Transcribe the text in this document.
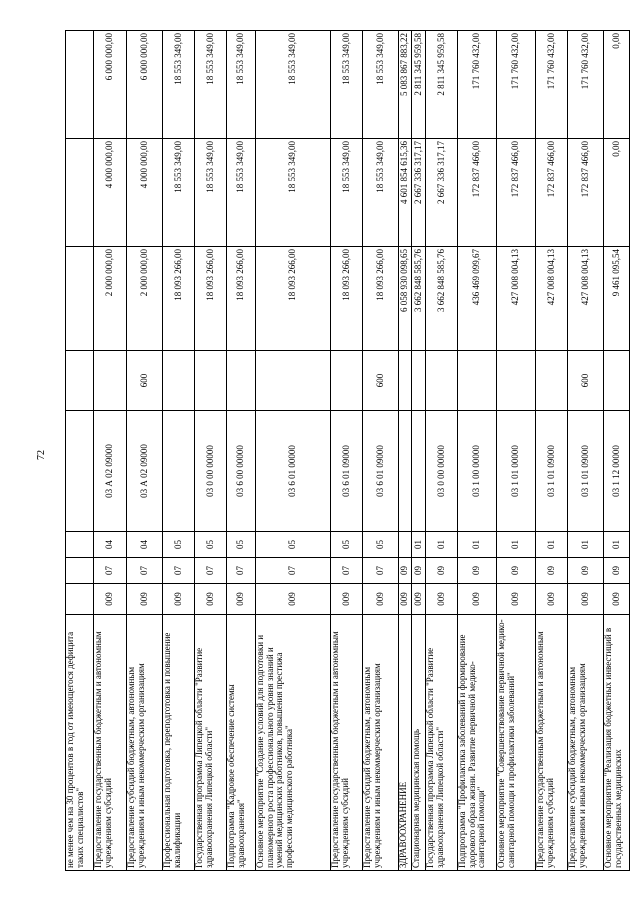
72
не менее чем на 30 процентов в год от имеющегося дефицита таких специалистов"								
Предоставление государственным бюджетным и автономным учреждениям субсидий	009	07	04	03 А 02 09000		2 000 000,00	4 000 000,00	6 000 000,00
Предоставление субсидий бюджетным, автономным учреждениям и иным некоммерческим организациям	009	07	04	03 А 02 09000	600	2 000 000,00	4 000 000,00	6 000 000,00
Профессиональная подготовка, переподготовка и повышение квалификации	009	07	05			18 093 266,00	18 553 349,00	18 553 349,00
Государственная программа Липецкой области "Развитие здравоохранения Липецкой области"	009	07	05	03 0 00 00000		18 093 266,00	18 553 349,00	18 553 349,00
Подпрограмма "Кадровое обеспечение системы здравоохранения"	009	07	05	03 6 00 00000		18 093 266,00	18 553 349,00	18 553 349,00
Основное мероприятие "Создание условий для подготовки и планомерного роста профессионального уровня знаний и умений медицинских работников, повышения престижа профессии медицинского работника"	009	07	05	03 6 01 00000		18 093 266,00	18 553 349,00	18 553 349,00
Предоставление государственным бюджетным и автономным учреждениям субсидий	009	07	05	03 6 01 09000		18 093 266,00	18 553 349,00	18 553 349,00
Предоставление субсидий бюджетным, автономным учреждениям и иным некоммерческим организациям	009	07	05	03 6 01 09000	600	18 093 266,00	18 553 349,00	18 553 349,00
ЗДРАВООХРАНЕНИЕ	009	09				6 058 930 098,65	4 601 854 615,36	5 083 867 883,22
Стационарная медицинская помощь	009	09	01			3 662 848 585,76	2 667 336 317,17	2 811 345 959,58
Государственная программа Липецкой области "Развитие здравоохранения Липецкой области"	009	09	01	03 0 00 00000		3 662 848 585,76	2 667 336 317,17	2 811 345 959,58
Подпрограмма "Профилактика заболеваний и формирование здорового образа жизни. Развитие первичной медико-санитарной помощи"	009	09	01	03 1 00 00000		436 469 099,67	172 837 466,00	171 760 432,00
Основное мероприятие "Совершенствование первичной медико-санитарной помощи и профилактики заболеваний"	009	09	01	03 1 01 00000		427 008 004,13	172 837 466,00	171 760 432,00
Предоставление государственным бюджетным и автономным учреждениям субсидий	009	09	01	03 1 01 09000		427 008 004,13	172 837 466,00	171 760 432,00
Предоставление субсидий бюджетным, автономным учреждениям и иным некоммерческим организациям	009	09	01	03 1 01 09000	600	427 008 004,13	172 837 466,00	171 760 432,00
Основное мероприятие "Реализация бюджетных инвестиций в государственных медицинских	009	09	01	03 1 12 00000		9 461 095,54	0,00	0,00
